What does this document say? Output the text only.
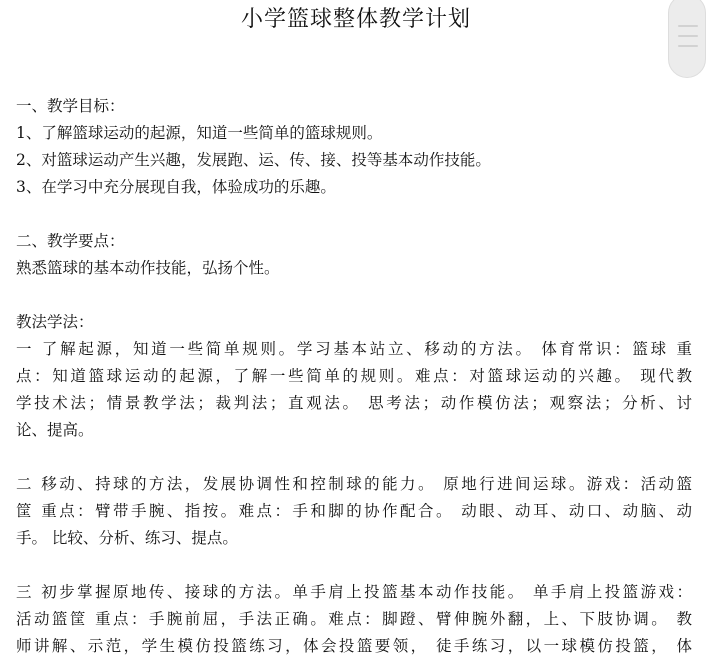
小学篮球整体教学计划
一、教学目标：
1、了解篮球运动的起源，知道一些简单的篮球规则。
2、对篮球运动产生兴趣，发展跑、运、传、接、投等基本动作技能。
3、在学习中充分展现自我，体验成功的乐趣。
二、教学要点：
熟悉篮球的基本动作技能，弘扬个性。
教法学法：
一 了解起源，知道一些简单规则。学习基本站立、移动的方法。 体育常识：篮球 重
点：知道篮球运动的起源，了解一些简单的规则。难点：对篮球运动的兴趣。 现代教
学技术法；情景教学法；裁判法；直观法。 思考法；动作模仿法；观察法；分析、讨
论、提高。
二 移动、持球的方法，发展协调性和控制球的能力。 原地行进间运球。游戏：活动篮
筐 重点：臂带手腕、指按。难点：手和脚的协作配合。 动眼、动耳、动口、动脑、动
手。 比较、分析、练习、提点。
三 初步掌握原地传、接球的方法。单手肩上投篮基本动作技能。 单手肩上投篮游戏：
活动篮筐 重点：手腕前屈，手法正确。难点：脚蹬、臂伸腕外翻，上、下肢协调。 教
师讲解、示范，学生模仿投篮练习，体会投篮要领， 徒手练习，以一球模仿投篮， 体
